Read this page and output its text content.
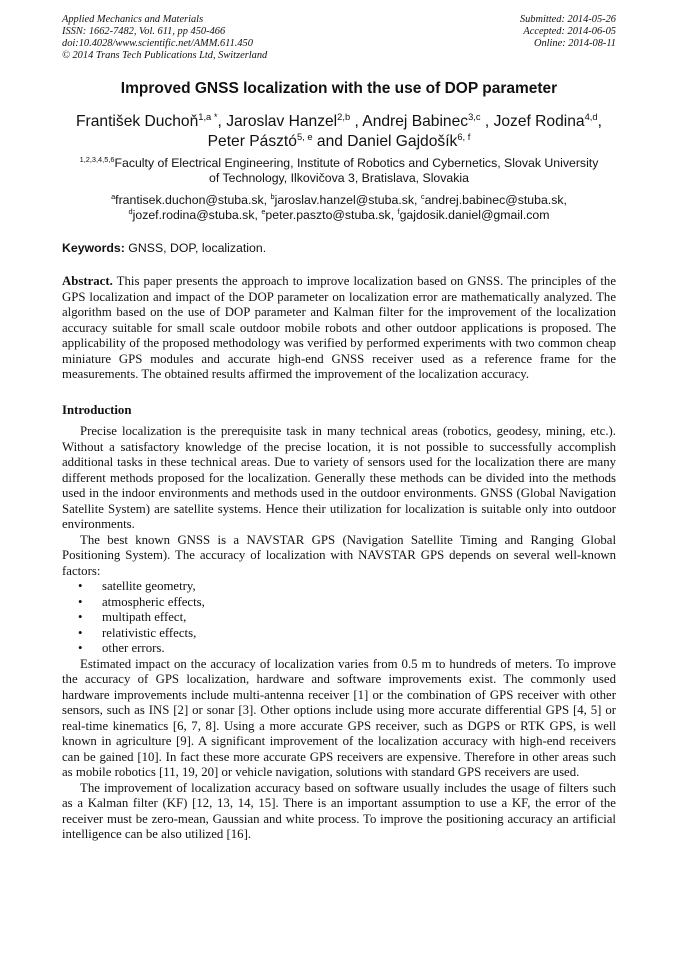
Applied Mechanics and Materials
ISSN: 1662-7482, Vol. 611, pp 450-466
doi:10.4028/www.scientific.net/AMM.611.450
© 2014 Trans Tech Publications Ltd, Switzerland
Submitted: 2014-05-26
Accepted: 2014-06-05
Online: 2014-08-11
Improved GNSS localization with the use of DOP parameter
František Duchoň$^{1,a *}$, Jaroslav Hanzel$^{2,b}$ , Andrej Babinec$^{3,c}$ , Jozef Rodina$^{4,d}$,
Peter Pásztó$^{5, e}$ and Daniel Gajdošík$^{6, f}$
$^{1,2,3,4,5,6}$Faculty of Electrical Engineering, Institute of Robotics and Cybernetics, Slovak University
of Technology, Ilkovičova 3, Bratislava, Slovakia
$^a$frantisek.duchon@stuba.sk, $^b$jaroslav.hanzel@stuba.sk, $^c$andrej.babinec@stuba.sk,
$^d$jozef.rodina@stuba.sk, $^e$peter.paszto@stuba.sk, $^f$gajdosik.daniel@gmail.com
Keywords: GNSS, DOP, localization.

Abstract. This paper presents the approach to improve localization based on GNSS. The principles of the GPS localization and impact of the DOP parameter on localization error are mathematically analyzed. The algorithm based on the use of DOP parameter and Kalman filter for the improvement of the localization accuracy suitable for small scale outdoor mobile robots and other outdoor applications is proposed. The applicability of the proposed methodology was verified by performed experiments with two common cheap miniature GPS modules and accurate high-end GNSS receiver used as a reference frame for the measurements. The obtained results affirmed the improvement of the localization accuracy.

Introduction

Precise localization is the prerequisite task in many technical areas (robotics, geodesy, mining, etc.). Without a satisfactory knowledge of the precise location, it is not possible to successfully accomplish additional tasks in these technical areas. Due to variety of sensors used for the localization there are many different methods proposed for the localization. Generally these methods can be divided into the methods used in the indoor environments and methods used in the outdoor environments. GNSS (Global Navigation Satellite System) are satellite systems. Hence their utilization for localization is suitable only into outdoor environments.

The best known GNSS is a NAVSTAR GPS (Navigation Satellite Timing and Ranging Global Positioning System). The accuracy of localization with NAVSTAR GPS depends on several well-known factors:

• satellite geometry,
• atmospheric effects,
• multipath effect,
• relativistic effects,
• other errors.

Estimated impact on the accuracy of localization varies from 0.5 m to hundreds of meters. To improve the accuracy of GPS localization, hardware and software improvements exist. The commonly used hardware improvements include multi-antenna receiver [1] or the combination of GPS receiver with other sensors, such as INS [2] or sonar [3]. Other options include using more accurate differential GPS [4, 5] or real-time kinematics [6, 7, 8]. Using a more accurate GPS receiver, such as DGPS or RTK GPS, is well known in agriculture [9]. A significant improvement of the localization accuracy with high-end receivers can be gained [10]. In fact these more accurate GPS receivers are expensive. Therefore in other areas such as mobile robotics [11, 19, 20] or vehicle navigation, solutions with standard GPS receivers are used.

The improvement of localization accuracy based on software usually includes the usage of filters such as a Kalman filter (KF) [12, 13, 14, 15]. There is an important assumption to use a KF, the error of the receiver must be zero-mean, Gaussian and white process. To improve the positioning accuracy an artificial intelligence can be also utilized [16].
